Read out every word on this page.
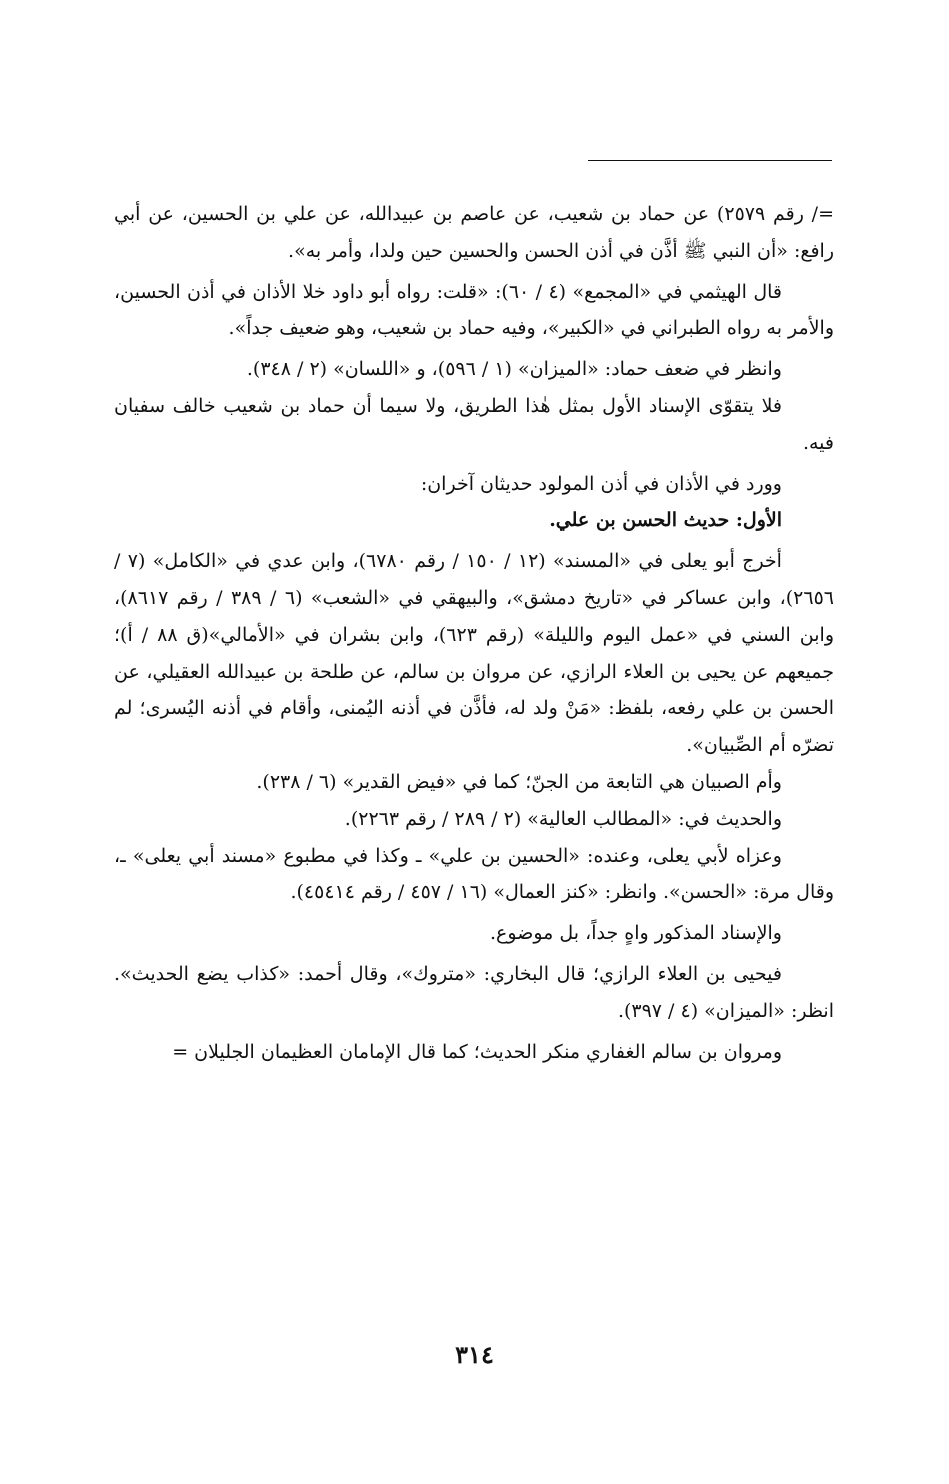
=/ رقم ٢٥٧٩) عن حماد بن شعيب، عن عاصم بن عبيدالله، عن علي بن الحسين، عن أبي رافع: «أن النبي ﷺ أذَّن في أذن الحسن والحسين حين ولدا، وأمر به».

قال الهيثمي في «المجمع» (٤ / ٦٠): «قلت: رواه أبو داود خلا الأذان في أذن الحسين، والأمر به رواه الطبراني في «الكبير»، وفيه حماد بن شعيب، وهو ضعيف جداً».

وانظر في ضعف حماد: «الميزان» (١ / ٥٩٦)، و «اللسان» (٢ / ٣٤٨).

فلا يتقوّى الإسناد الأول بمثل هٰذا الطريق، ولا سيما أن حماد بن شعيب خالف سفيان فيه.

وورد في الأذان في أذن المولود حديثان آخران:

الأول: حديث الحسن بن علي.

أخرج أبو يعلى في «المسند» (١٢ / ١٥٠ / رقم ٦٧٨٠)، وابن عدي في «الكامل» (٧ / ٢٦٥٦)، وابن عساكر في «تاريخ دمشق»، والبيهقي في «الشعب» (٦ / ٣٨٩ / رقم ٨٦١٧)، وابن السني في «عمل اليوم والليلة» (رقم ٦٢٣)، وابن بشران في «الأمالي»(ق ٨٨ / أ)؛ جميعهم عن يحيى بن العلاء الرازي، عن مروان بن سالم، عن طلحة بن عبيدالله العقيلي، عن الحسن بن علي رفعه، بلفظ: «مَنْ ولد له، فأذَّن في أذنه اليُمنى، وأقام في أذنه اليُسرى؛ لم تضرّه أم الصِّبيان».

وأم الصبيان هي التابعة من الجنّ؛ كما في «فيض القدير» (٦ / ٢٣٨).

والحديث في: «المطالب العالية» (٢ / ٢٨٩ / رقم ٢٢٦٣).

وعزاه لأبي يعلى، وعنده: «الحسين بن علي» ـ وكذا في مطبوع «مسند أبي يعلى» ـ، وقال مرة: «الحسن». وانظر: «كنز العمال» (١٦ / ٤٥٧ / رقم ٤٥٤١٤).

والإسناد المذكور واهٍ جداً، بل موضوع.

فيحيى بن العلاء الرازي؛ قال البخاري: «متروك»، وقال أحمد: «كذاب يضع الحديث». انظر: «الميزان» (٤ / ٣٩٧).

ومروان بن سالم الغفاري منكر الحديث؛ كما قال الإمامان العظيمان الجليلان =

٣١٤
